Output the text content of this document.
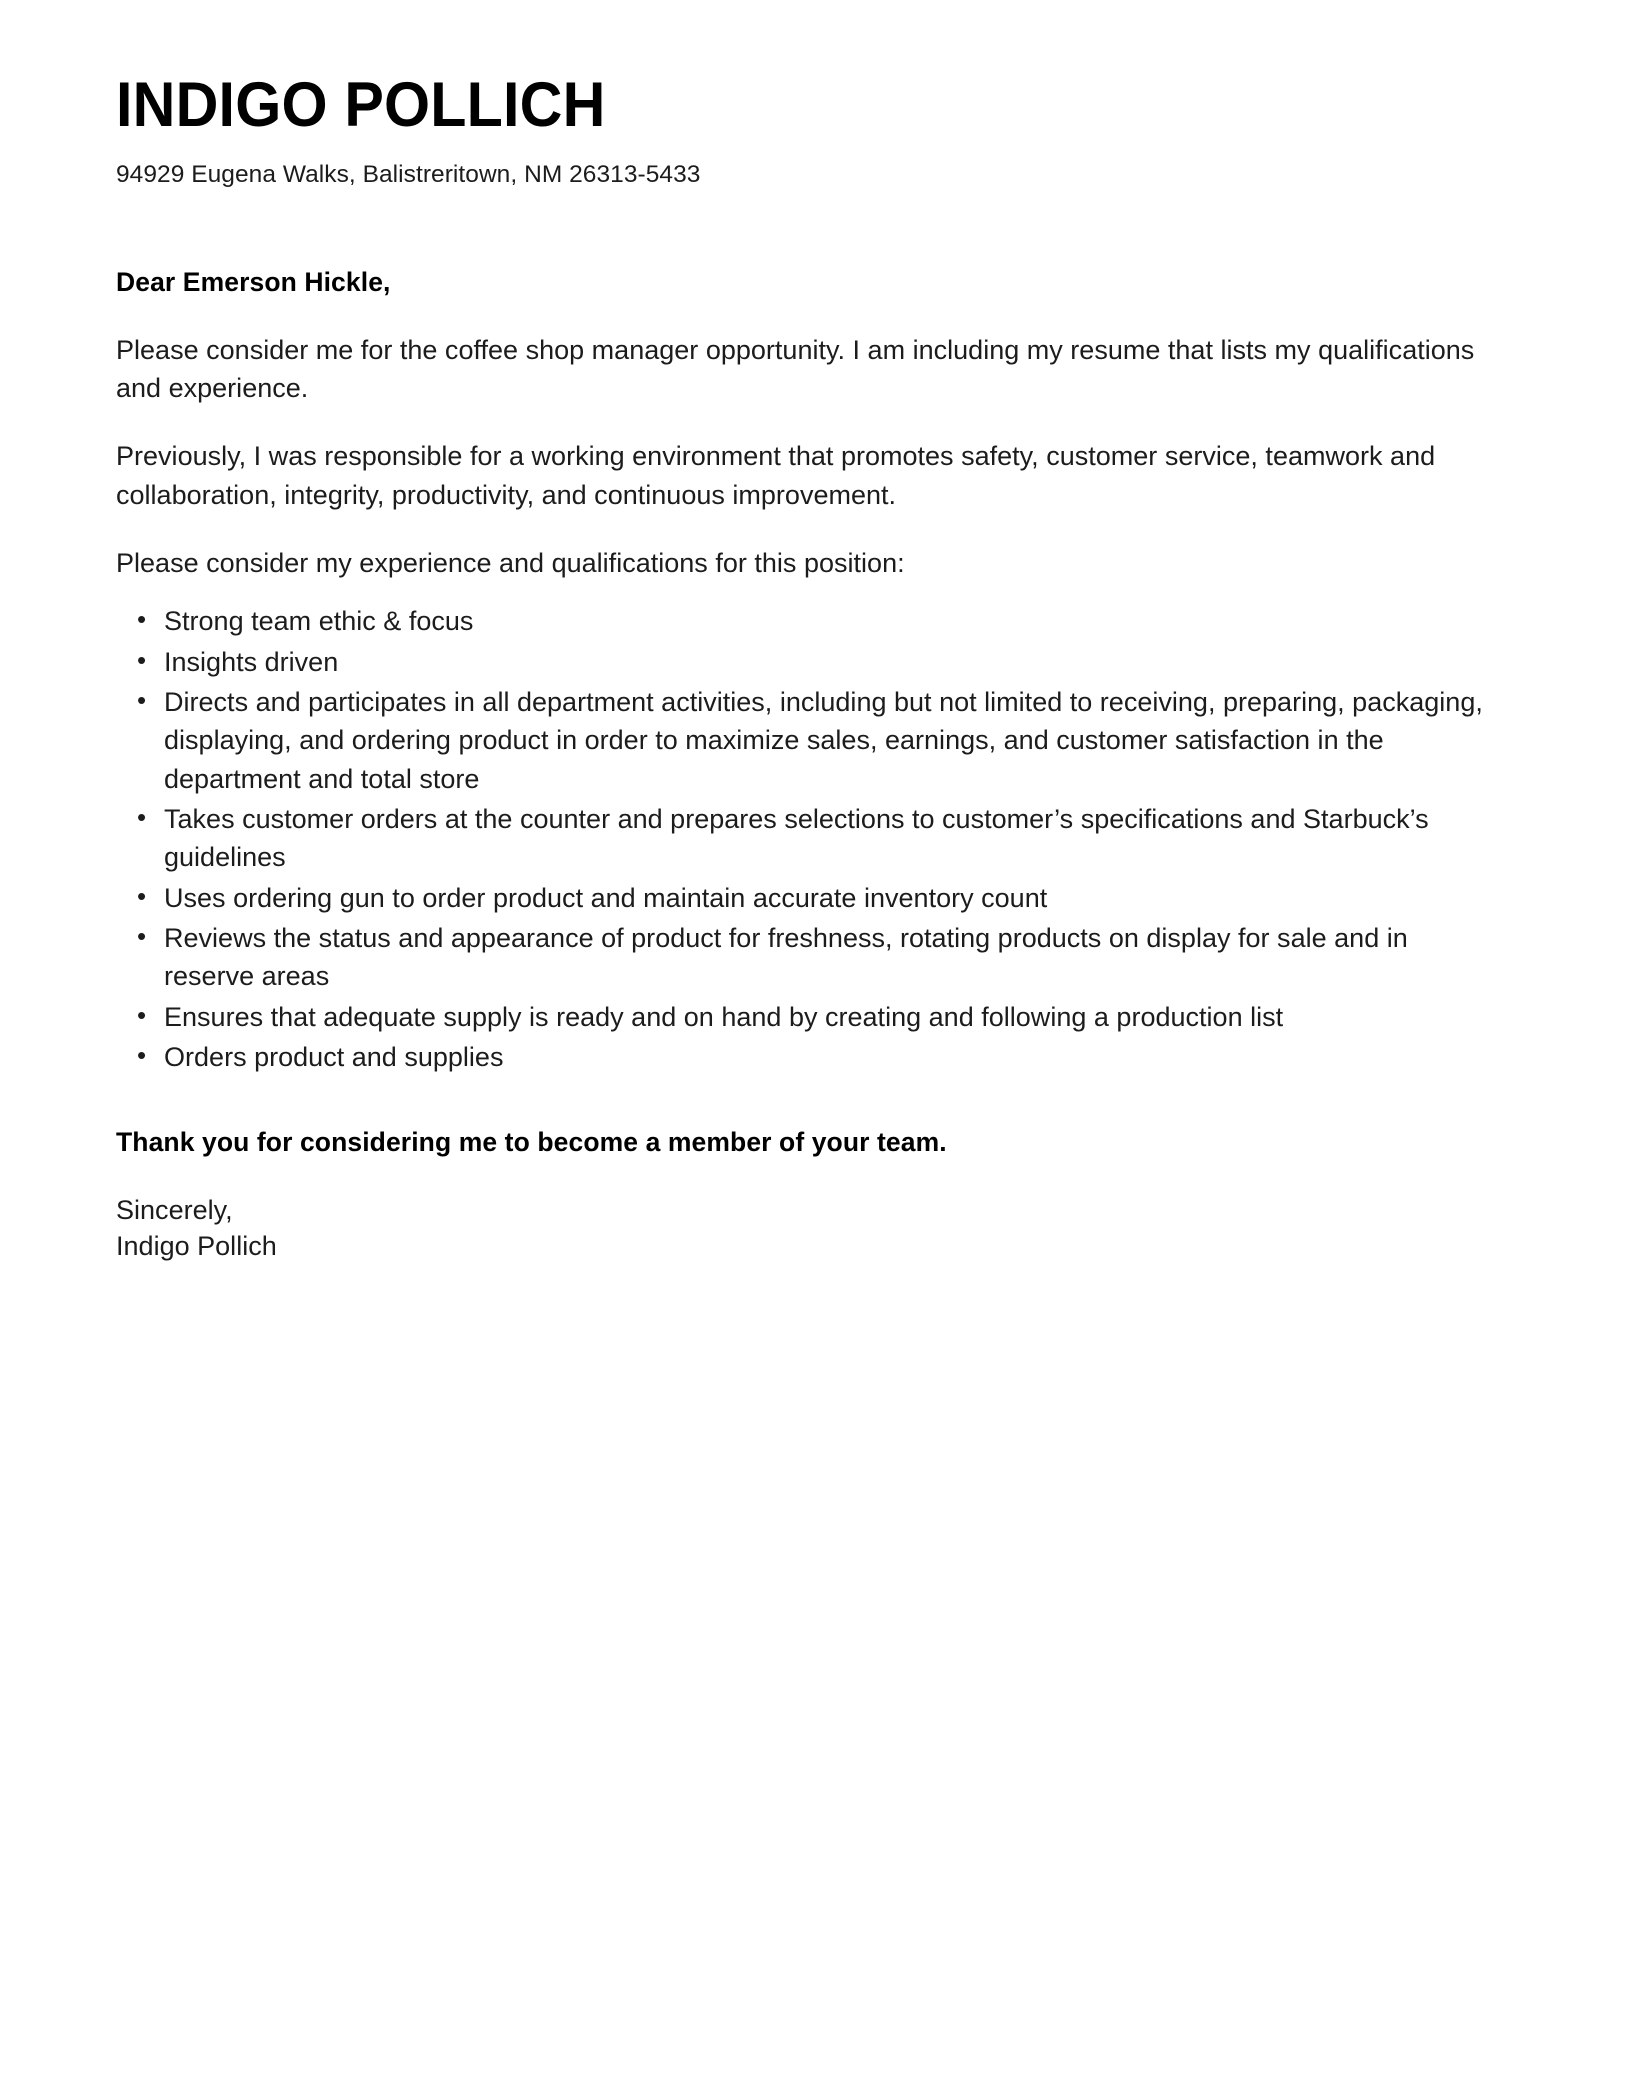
INDIGO POLLICH
94929 Eugena Walks, Balistreritown, NM 26313-5433
Dear Emerson Hickle,

Please consider me for the coffee shop manager opportunity. I am including my resume that lists my qualifications and experience.

Previously, I was responsible for a working environment that promotes safety, customer service, teamwork and collaboration, integrity, productivity, and continuous improvement.

Please consider my experience and qualifications for this position:

• Strong team ethic & focus
• Insights driven
• Directs and participates in all department activities, including but not limited to receiving, preparing, packaging, displaying, and ordering product in order to maximize sales, earnings, and customer satisfaction in the department and total store
• Takes customer orders at the counter and prepares selections to customer’s specifications and Starbuck’s guidelines
• Uses ordering gun to order product and maintain accurate inventory count
• Reviews the status and appearance of product for freshness, rotating products on display for sale and in reserve areas
• Ensures that adequate supply is ready and on hand by creating and following a production list
• Orders product and supplies
Thank you for considering me to become a member of your team.
Sincerely,
Indigo Pollich
